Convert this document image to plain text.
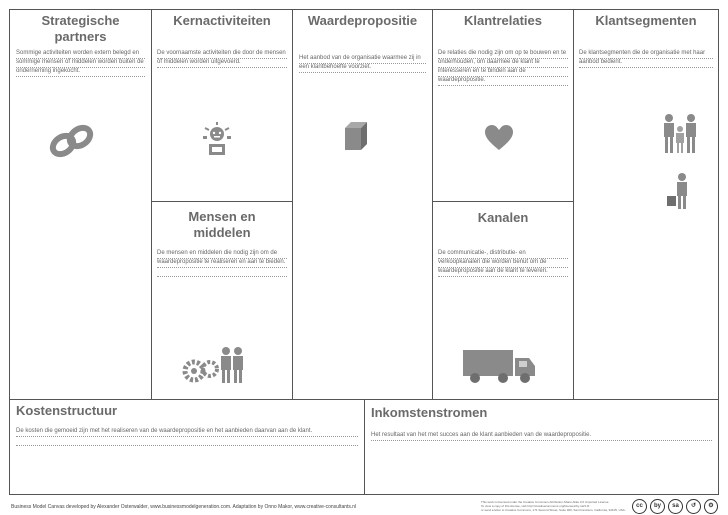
Strategische
partners
Sommige activiteiten worden extern belegd en sommige mensen of middelen worden buiten de onderneming ingekocht.
Kernactiviteiten
De voornaamste activiteiten die door de mensen of middelen worden uitgevoerd.
Mensen en
middelen
De mensen en middelen die nodig zijn om de waardepropositie te realiseren en aan te bieden.
Waardepropositie
Het aanbod van de organisatie waarmee zij in een klantbehoefte voorziet.
Klantrelaties
De relaties die nodig zijn om op te bouwen en te onderhouden, om daarmee de klant te interesseren en te binden aan de waardepropositie.
Kanalen
De communicatie-, distributie- en verkoopkanalen die worden benut om de waardepropositie aan de klant te leveren.
Klantsegmenten
De klantsegmenten die de organisatie met haar aanbod bedient.
Kostenstructuur
De kosten die gemoeid zijn met het realiseren van de waardepropositie en het aanbieden daarvan aan de klant.
Inkomstenstromen
Het resultaat van het met succes aan de klant aanbieden van de waardepropositie.
Business Model Canvas developed by Alexander Osterwalder, www.businessmodelgeneration.com. Adaptation by Onno Makor, www.creative-consultants.nl
This work is licensed under the Creative Commons Attribution-Share Alike 3.0 Unported License.
To view a copy of this license, visit http://creativecommons.org/licenses/by-sa/3.0/
or send a letter to Creative Commons, 171 Second Street, Suite 300, San Francisco, California, 94105, USA.
cc	by	sa	↺	⚙
